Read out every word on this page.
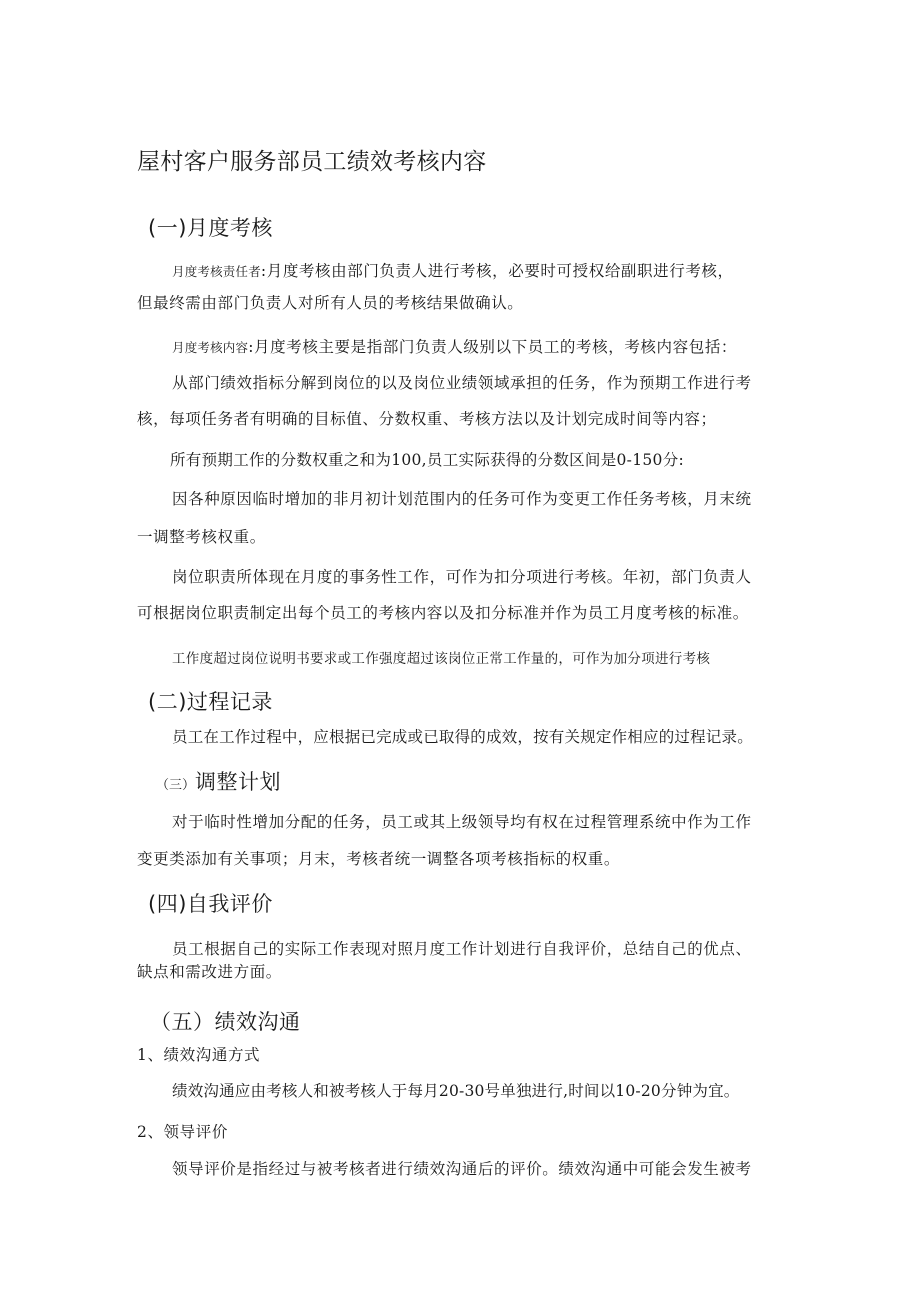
屋村客户服务部员工绩效考核内容
(一)月度考核
月度考核责任者:月度考核由部门负责人进行考核，必要时可授权给副职进行考核，
但最终需由部门负责人对所有人员的考核结果做确认。
月度考核内容:月度考核主要是指部门负责人级别以下员工的考核，考核内容包括：
从部门绩效指标分解到岗位的以及岗位业绩领域承担的任务，作为预期工作进行考
核，每项任务者有明确的目标值、分数权重、考核方法以及计划完成时间等内容；
所有预期工作的分数权重之和为100,员工实际获得的分数区间是0-150分:
因各种原因临时增加的非月初计划范围内的任务可作为变更工作任务考核，月末统
一调整考核权重。
岗位职责所体现在月度的事务性工作，可作为扣分项进行考核。年初，部门负责人
可根据岗位职责制定出每个员工的考核内容以及扣分标准并作为员工月度考核的标准。
工作度超过岗位说明书要求或工作强度超过该岗位正常工作量的，可作为加分项进行考核
(二)过程记录
员工在工作过程中，应根据已完成或已取得的成效，按有关规定作相应的过程记录。
（三）调整计划
对于临时性增加分配的任务，员工或其上级领导均有权在过程管理系统中作为工作
变更类添加有关事项；月末，考核者统一调整各项考核指标的权重。
(四)自我评价
员工根据自己的实际工作表现对照月度工作计划进行自我评价，总结自己的优点、
缺点和需改进方面。
（五）绩效沟通
1、绩效沟通方式
绩效沟通应由考核人和被考核人于每月20-30号单独进行,时间以10-20分钟为宜。
2、领导评价
领导评价是指经过与被考核者进行绩效沟通后的评价。绩效沟通中可能会发生被考
